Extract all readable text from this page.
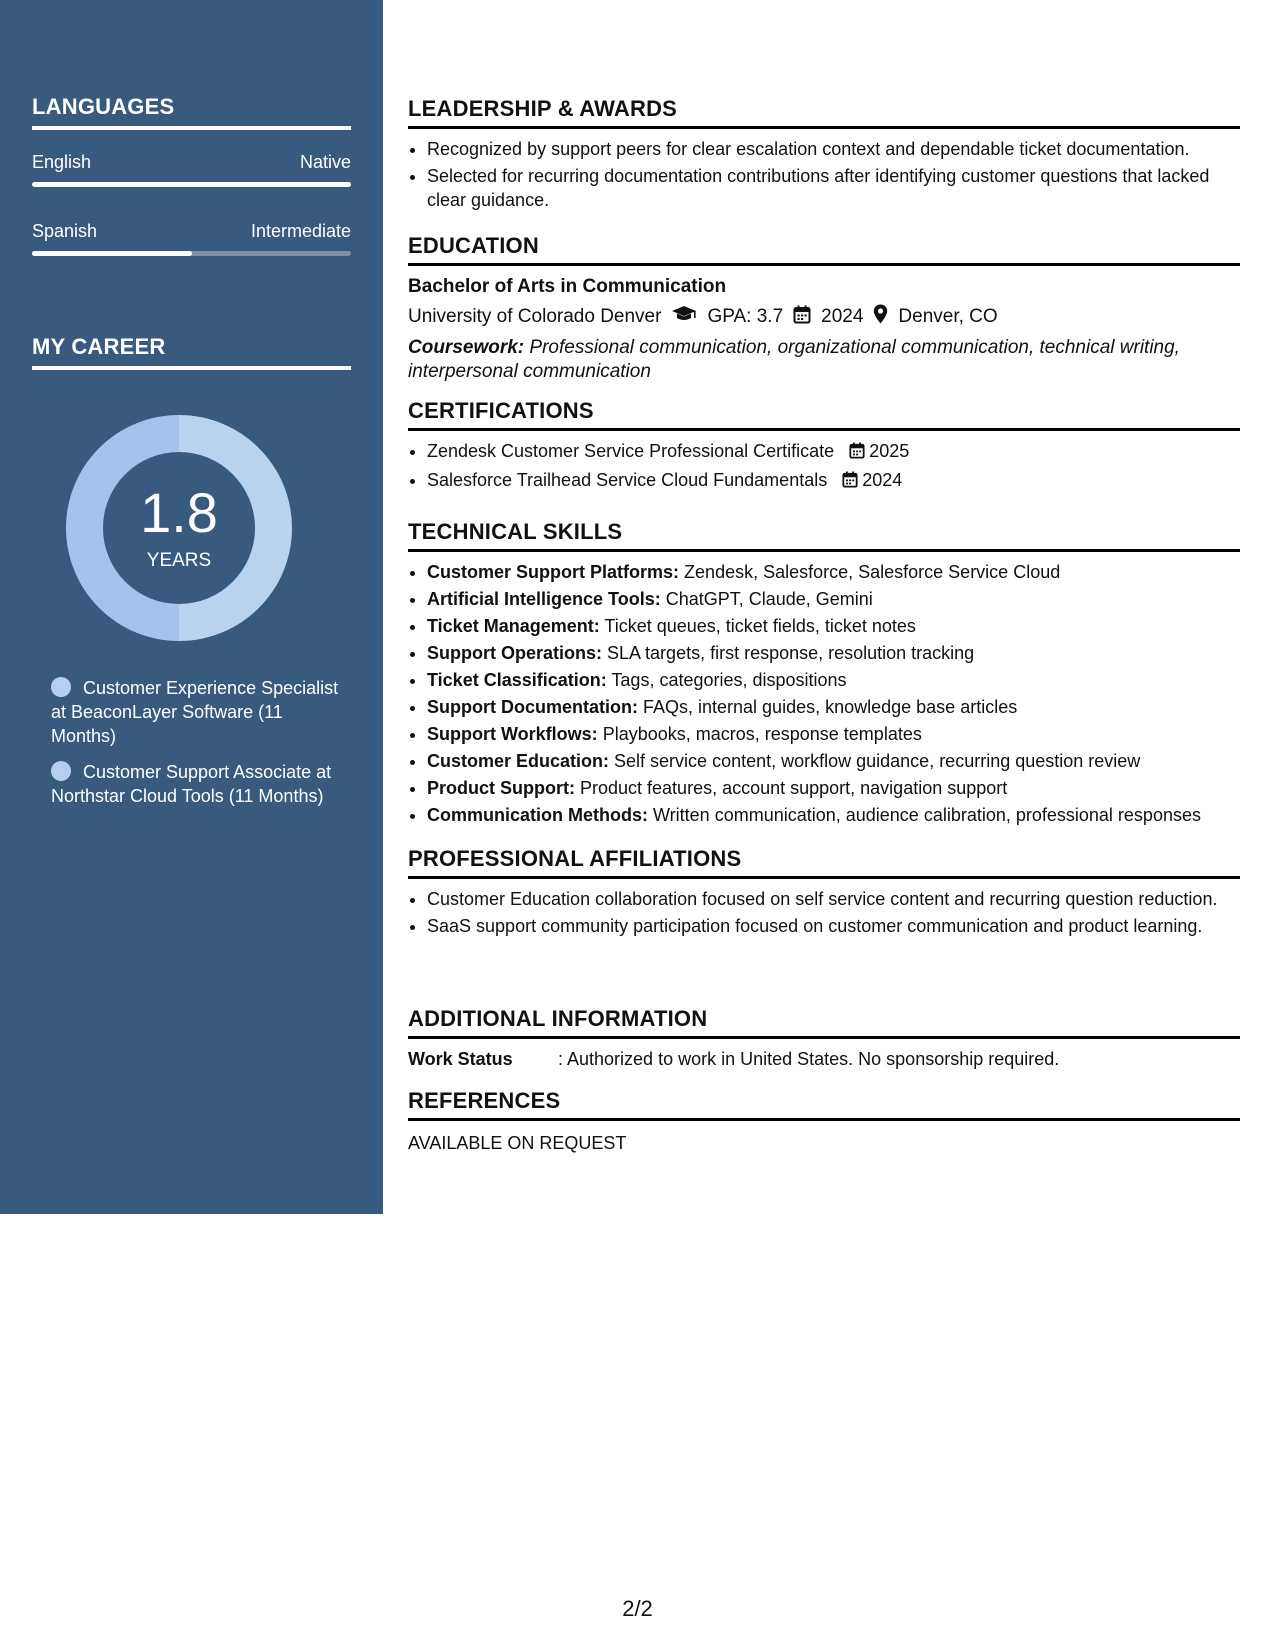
LANGUAGES
English	Native
Spanish	Intermediate
MY CAREER
1.8
YEARS
Customer Experience Specialist at BeaconLayer Software (11 Months)
Customer Support Associate at Northstar Cloud Tools (11 Months)
LEADERSHIP & AWARDS
• Recognized by support peers for clear escalation context and dependable ticket documentation.
• Selected for recurring documentation contributions after identifying customer questions that lacked clear guidance.
EDUCATION
Bachelor of Arts in Communication
University of Colorado Denver GPA: 3.7 2024 Denver, CO
Coursework: Professional communication, organizational communication, technical writing, interpersonal communication
CERTIFICATIONS
• Zendesk Customer Service Professional Certificate 2025
• Salesforce Trailhead Service Cloud Fundamentals 2024
TECHNICAL SKILLS
• Customer Support Platforms: Zendesk, Salesforce, Salesforce Service Cloud
• Artificial Intelligence Tools: ChatGPT, Claude, Gemini
• Ticket Management: Ticket queues, ticket fields, ticket notes
• Support Operations: SLA targets, first response, resolution tracking
• Ticket Classification: Tags, categories, dispositions
• Support Documentation: FAQs, internal guides, knowledge base articles
• Support Workflows: Playbooks, macros, response templates
• Customer Education: Self service content, workflow guidance, recurring question review
• Product Support: Product features, account support, navigation support
• Communication Methods: Written communication, audience calibration, professional responses
PROFESSIONAL AFFILIATIONS
• Customer Education collaboration focused on self service content and recurring question reduction.
• SaaS support community participation focused on customer communication and product learning.
ADDITIONAL INFORMATION
Work Status	: Authorized to work in United States. No sponsorship required.
REFERENCES
AVAILABLE ON REQUEST
2/2
